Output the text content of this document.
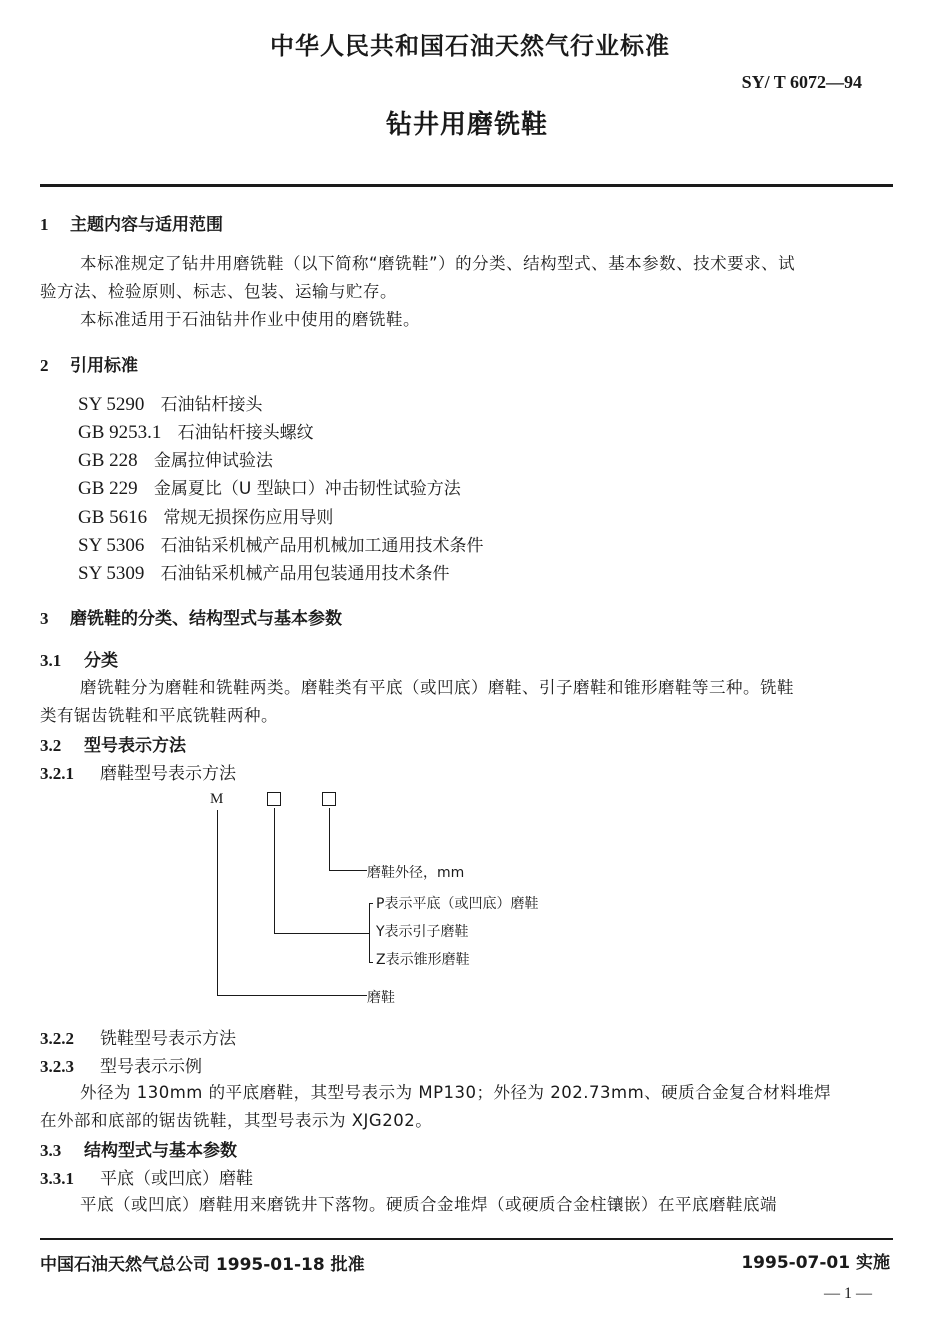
中华人民共和国石油天然气行业标准
SY/ T 6072—94
钻井用磨铣鞋
1 主题内容与适用范围
本标准规定了钻井用磨铣鞋（以下简称“磨铣鞋”）的分类、结构型式、基本参数、技术要求、试
验方法、检验原则、标志、包装、运输与贮存。
本标准适用于石油钻井作业中使用的磨铣鞋。
2 引用标准
SY 5290 石油钻杆接头
GB 9253.1 石油钻杆接头螺纹
GB 228 金属拉伸试验法
GB 229 金属夏比（U 型缺口）冲击韧性试验方法
GB 5616 常规无损探伤应用导则
SY 5306 石油钻采机械产品用机械加工通用技术条件
SY 5309 石油钻采机械产品用包装通用技术条件
3 磨铣鞋的分类、结构型式与基本参数
3.1 分类
磨铣鞋分为磨鞋和铣鞋两类。磨鞋类有平底（或凹底）磨鞋、引子磨鞋和锥形磨鞋等三种。铣鞋
类有锯齿铣鞋和平底铣鞋两种。
3.2 型号表示方法
3.2.1 磨鞋型号表示方法
M
磨鞋外径，mm
P表示平底（或凹底）磨鞋
Y表示引子磨鞋
Z表示锥形磨鞋
磨鞋
3.2.2 铣鞋型号表示方法
3.2.3 型号表示示例
外径为 130mm 的平底磨鞋，其型号表示为 MP130；外径为 202.73mm、硬质合金复合材料堆焊
在外部和底部的锯齿铣鞋，其型号表示为 XJG202。
3.3 结构型式与基本参数
3.3.1 平底（或凹底）磨鞋
平底（或凹底）磨鞋用来磨铣井下落物。硬质合金堆焊（或硬质合金柱镶嵌）在平底磨鞋底端
中国石油天然气总公司 1995-01-18 批准	1995-07-01 实施
— 1 —
